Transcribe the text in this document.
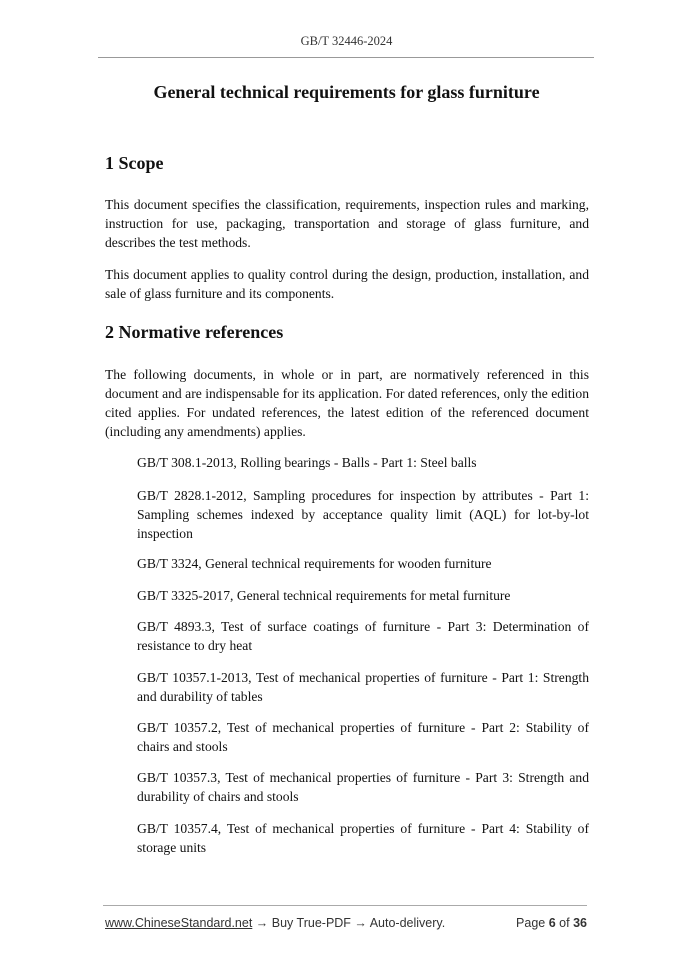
GB/T 32446-2024
General technical requirements for glass furniture
1 Scope
This document specifies the classification, requirements, inspection rules and marking, instruction for use, packaging, transportation and storage of glass furniture, and describes the test methods.
This document applies to quality control during the design, production, installation, and sale of glass furniture and its components.
2 Normative references
The following documents, in whole or in part, are normatively referenced in this document and are indispensable for its application. For dated references, only the edition cited applies. For undated references, the latest edition of the referenced document (including any amendments) applies.
GB/T 308.1-2013, Rolling bearings - Balls - Part 1: Steel balls
GB/T 2828.1-2012, Sampling procedures for inspection by attributes - Part 1: Sampling schemes indexed by acceptance quality limit (AQL) for lot-by-lot inspection
GB/T 3324, General technical requirements for wooden furniture
GB/T 3325-2017, General technical requirements for metal furniture
GB/T 4893.3, Test of surface coatings of furniture - Part 3: Determination of resistance to dry heat
GB/T 10357.1-2013, Test of mechanical properties of furniture - Part 1: Strength and durability of tables
GB/T 10357.2, Test of mechanical properties of furniture - Part 2: Stability of chairs and stools
GB/T 10357.3, Test of mechanical properties of furniture - Part 3: Strength and durability of chairs and stools
GB/T 10357.4, Test of mechanical properties of furniture - Part 4: Stability of storage units
www.ChineseStandard.net → Buy True-PDF → Auto-delivery.	Page 6 of 36
